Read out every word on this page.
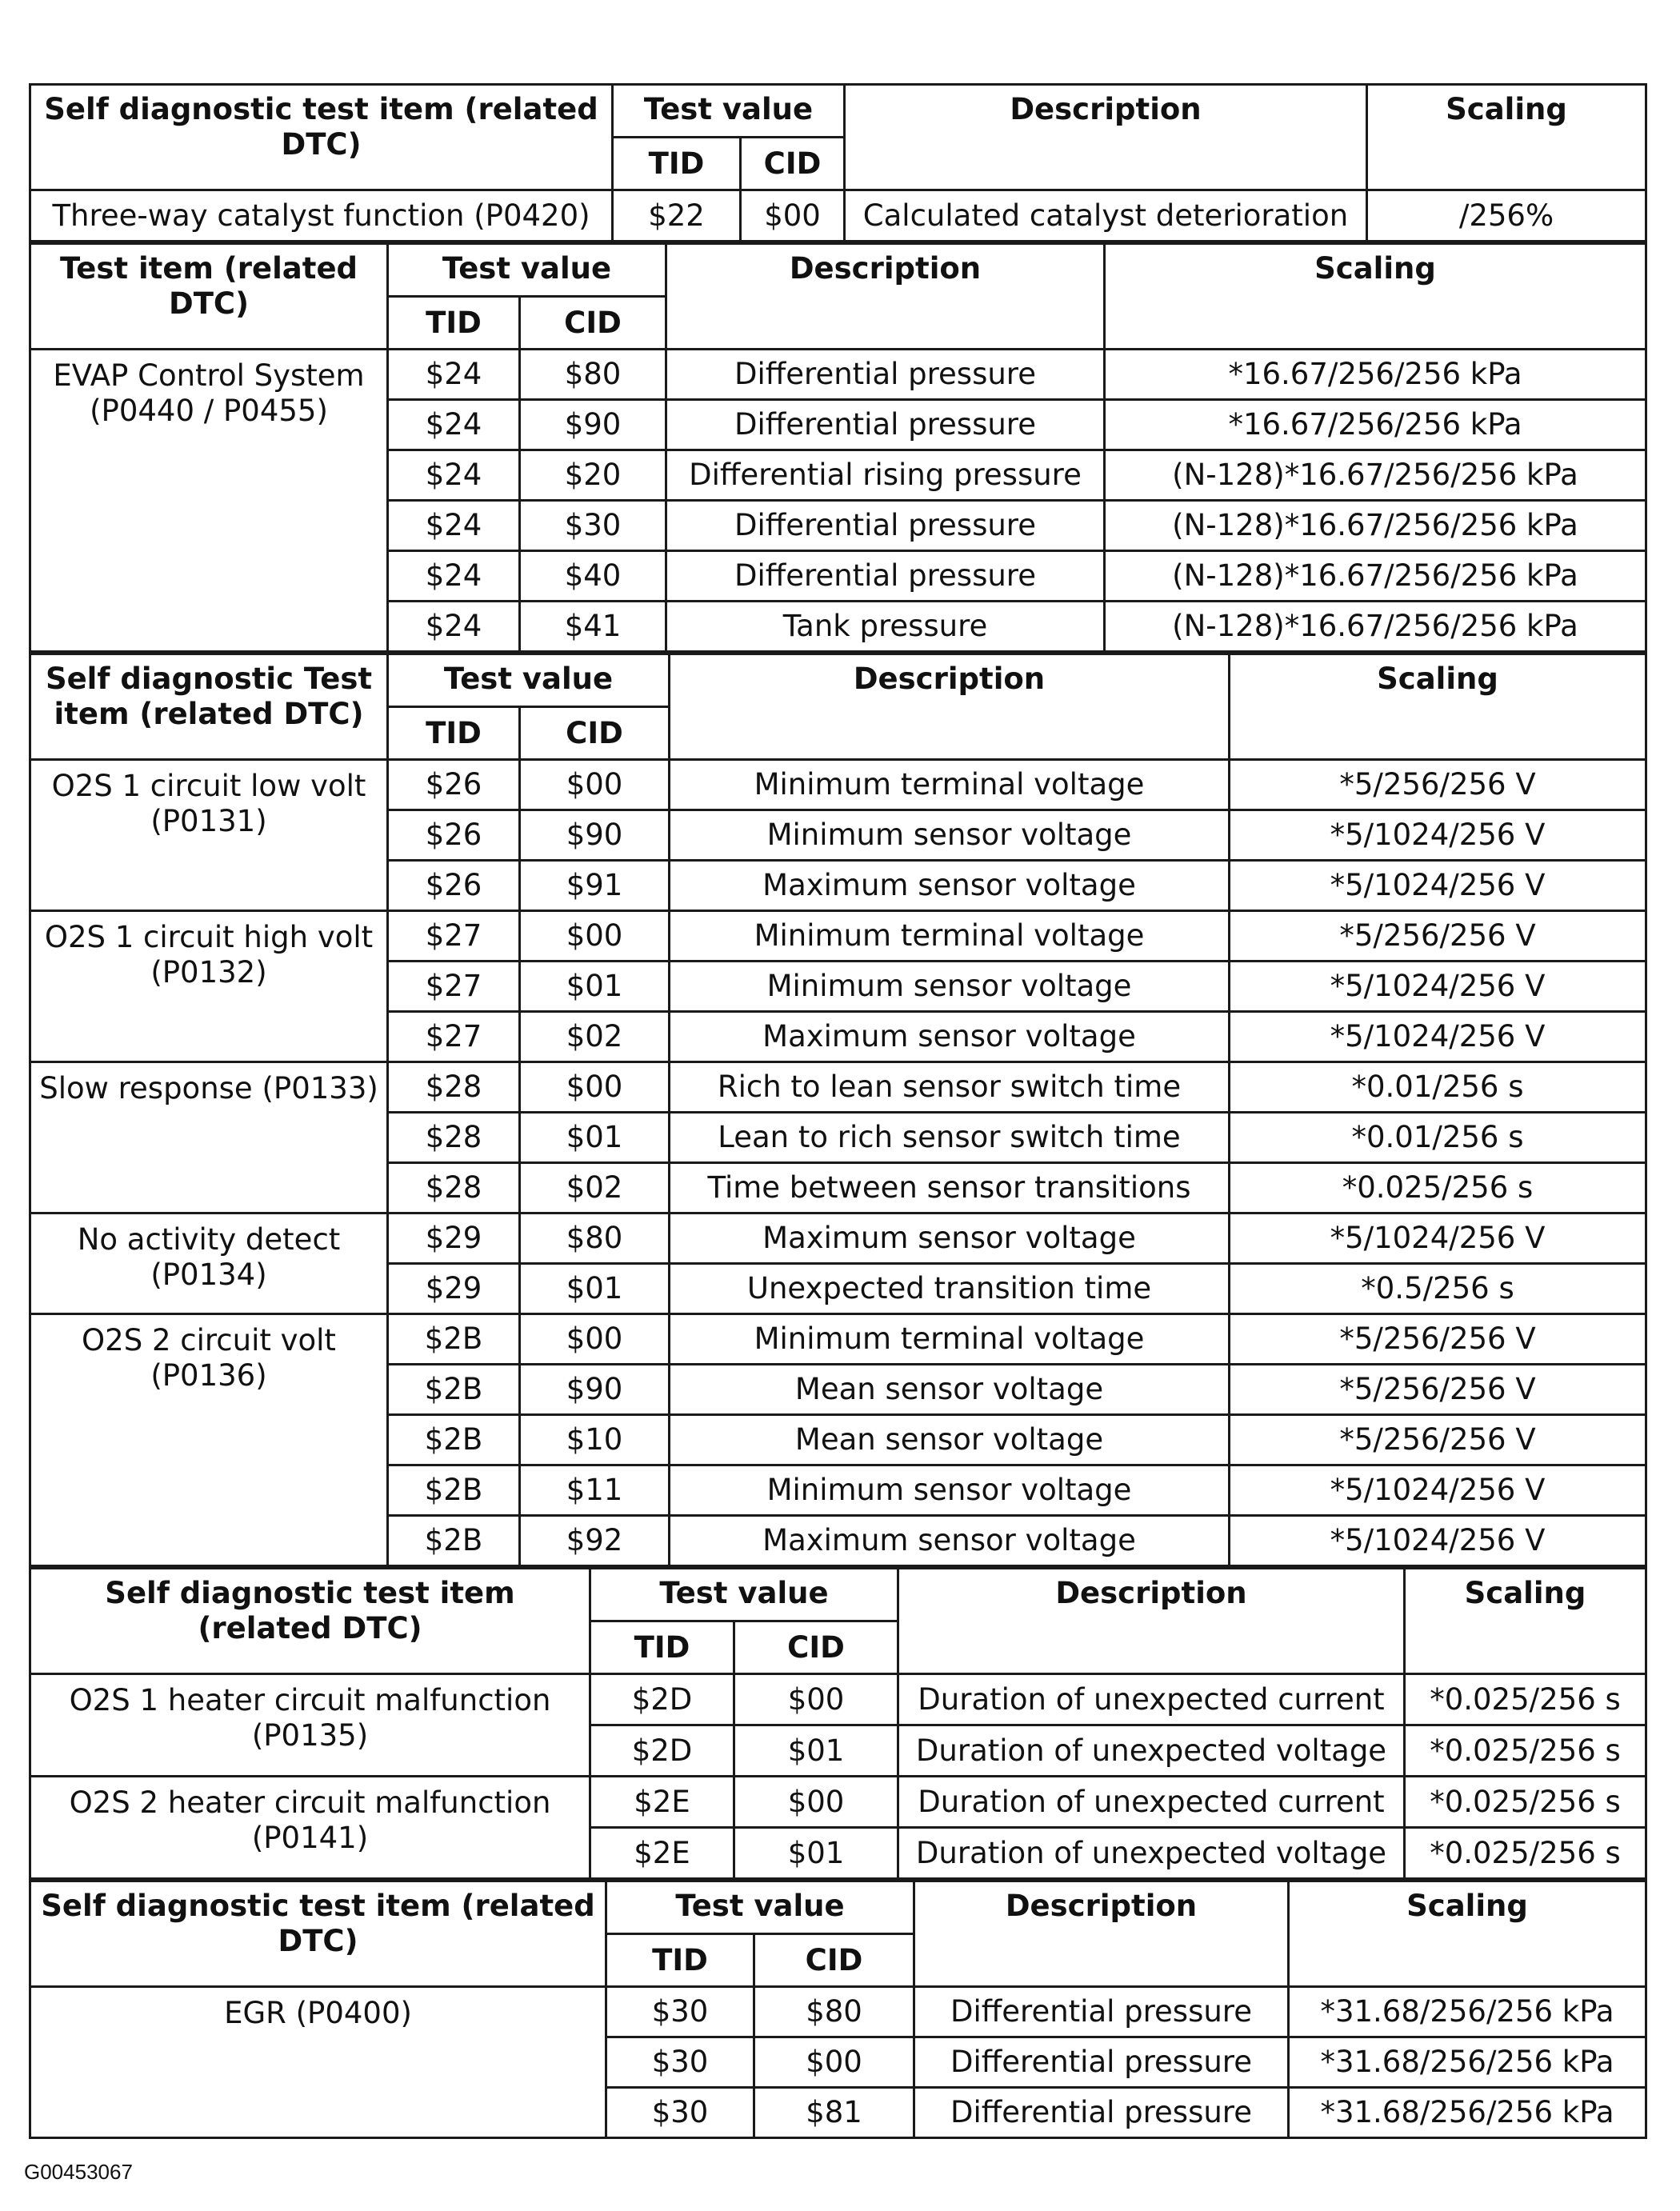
Self diagnostic test item (related DTC)	Test value		Description	Scaling
	TID	CID		
Three-way catalyst function (P0420)	$22	$00	Calculated catalyst deterioration	/256%
Test item (related DTC)	Test value		Description	Scaling
	TID	CID		
EVAP Control System (P0440 / P0455)	$24	$80	Differential pressure	*16.67/256/256 kPa
	$24	$90	Differential pressure	*16.67/256/256 kPa
	$24	$20	Differential rising pressure	(N-128)*16.67/256/256 kPa
	$24	$30	Differential pressure	(N-128)*16.67/256/256 kPa
	$24	$40	Differential pressure	(N-128)*16.67/256/256 kPa
	$24	$41	Tank pressure	(N-128)*16.67/256/256 kPa
Self diagnostic Test item (related DTC)	Test value		Description	Scaling
	TID	CID		
O2S 1 circuit low volt (P0131)	$26	$00	Minimum terminal voltage	*5/256/256 V
	$26	$90	Minimum sensor voltage	*5/1024/256 V
	$26	$91	Maximum sensor voltage	*5/1024/256 V
O2S 1 circuit high volt (P0132)	$27	$00	Minimum terminal voltage	*5/256/256 V
	$27	$01	Minimum sensor voltage	*5/1024/256 V
	$27	$02	Maximum sensor voltage	*5/1024/256 V
Slow response (P0133)	$28	$00	Rich to lean sensor switch time	*0.01/256 s
	$28	$01	Lean to rich sensor switch time	*0.01/256 s
	$28	$02	Time between sensor transitions	*0.025/256 s
No activity detect (P0134)	$29	$80	Maximum sensor voltage	*5/1024/256 V
	$29	$01	Unexpected transition time	*0.5/256 s
O2S 2 circuit volt (P0136)	$2B	$00	Minimum terminal voltage	*5/256/256 V
	$2B	$90	Mean sensor voltage	*5/256/256 V
	$2B	$10	Mean sensor voltage	*5/256/256 V
	$2B	$11	Minimum sensor voltage	*5/1024/256 V
	$2B	$92	Maximum sensor voltage	*5/1024/256 V
Self diagnostic test item (related DTC)	Test value		Description	Scaling
	TID	CID		
O2S 1 heater circuit malfunction (P0135)	$2D	$00	Duration of unexpected current	*0.025/256 s
	$2D	$01	Duration of unexpected voltage	*0.025/256 s
O2S 2 heater circuit malfunction (P0141)	$2E	$00	Duration of unexpected current	*0.025/256 s
	$2E	$01	Duration of unexpected voltage	*0.025/256 s
Self diagnostic test item (related DTC)	Test value		Description	Scaling
	TID	CID		
EGR (P0400)	$30	$80	Differential pressure	*31.68/256/256 kPa
	$30	$00	Differential pressure	*31.68/256/256 kPa
	$30	$81	Differential pressure	*31.68/256/256 kPa
G00453067
